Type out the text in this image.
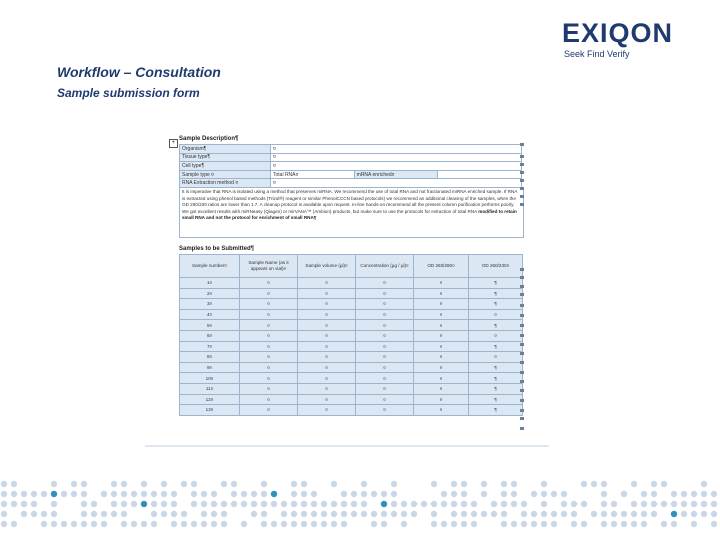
EXIQON
Seek Find Verify
Workflow – Consultation
Sample submission form
+
Sample Description¶
Organism¶	¤		
Tissue type¶	¤		
Cell type¶	¤		
Sample type ¤	Total RNA¤	mRNA enriched¤	
RNA Extraction method ¤	¤		
It is imperative that RNA is isolated using a method that preserves miRNA. We recommend the use of total RNA and not fractionated miRNA enriched sample. If RNA is extracted using phenol based methods (Trizol®) reagent or similar PhenolCCCN based protocols) we recommend an additional cleaning of the samples, when the OD 260/230 ratios are lower than 1.7. A cleanup protocol is available upon request. In-line hands-on recommend all the present column purification performs poorly. We got excellent results with miRNeasy (Qiagen) or mirVANA™ (Ambion) products, but make sure to use the protocols for extraction of total RNA modified to retain small RNA and not the protocol for enrichment of small RNA¶
Samples to be Submitted¶
Sample number¤	Sample Name (as it appears on vial)¤	Sample volume (µl)¤	Concentration (µg / µl)¤	OD 260/280¤	OD 260/230¤
1¤	¤	¤	¤	¤	¶
2¤	¤	¤	¤	¤	¶
3¤	¤	¤	¤	¤	¶
4¤	¤	¤	¤	¤	¤
5¤	¤	¤	¤	¤	¶
6¤	¤	¤	¤	¤	¤
7¤	¤	¤	¤	¤	¶
8¤	¤	¤	¤	¤	¤
9¤	¤	¤	¤	¤	¶
10¤	¤	¤	¤	¤	¶
11¤	¤	¤	¤	¤	¶
12¤	¤	¤	¤	¤	¶
13¤	¤	¤	¤	¤	¶
